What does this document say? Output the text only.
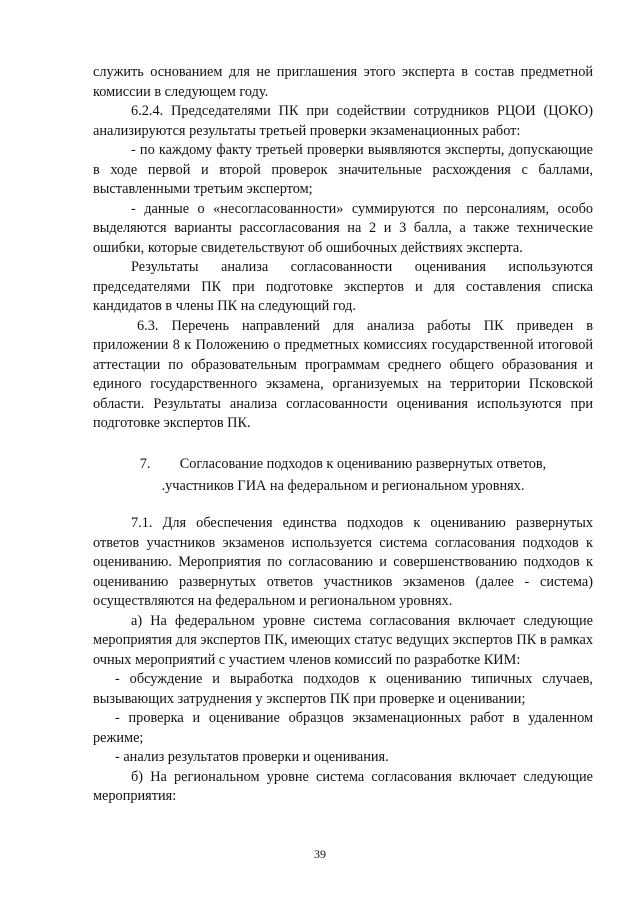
служить основанием для не приглашения этого эксперта в состав предметной комиссии в следующем году.

6.2.4. Председателями ПК при содействии сотрудников РЦОИ (ЦОКО) анализируются результаты третьей проверки экзаменационных работ:

- по каждому факту третьей проверки выявляются эксперты, допускающие в ходе первой и второй проверок значительные расхождения с баллами, выставленными третьим экспертом;

- данные о «несогласованности» суммируются по персоналиям, особо выделяются варианты рассогласования на 2 и 3 балла, а также технические ошибки, которые свидетельствуют об ошибочных действиях эксперта.

Результаты анализа согласованности оценивания используются председателями ПК при подготовке экспертов и для составления списка кандидатов в члены ПК на следующий год.

6.3. Перечень направлений для анализа работы ПК приведен в приложении 8 к Положению о предметных комиссиях государственной итоговой аттестации по образовательным программам среднего общего образования и единого государственного экзамена, организуемых на территории Псковской области. Результаты анализа согласованности оценивания используются при подготовке экспертов ПК.

7. Согласование подходов к оцениванию развернутых ответов,
.участников ГИА на федеральном и региональном уровнях.

7.1. Для обеспечения единства подходов к оцениванию развернутых ответов участников экзаменов используется система согласования подходов к оцениванию. Мероприятия по согласованию и совершенствованию подходов к оцениванию развернутых ответов участников экзаменов (далее - система) осуществляются на федеральном и региональном уровнях.

а) На федеральном уровне система согласования включает следующие мероприятия для экспертов ПК, имеющих статус ведущих экспертов ПК в рамках очных мероприятий с участием членов комиссий по разработке КИМ:

- обсуждение и выработка подходов к оцениванию типичных случаев, вызывающих затруднения у экспертов ПК при проверке и оценивании;

- проверка и оценивание образцов экзаменационных работ в удаленном режиме;

- анализ результатов проверки и оценивания.

б) На региональном уровне система согласования включает следующие мероприятия:

39
